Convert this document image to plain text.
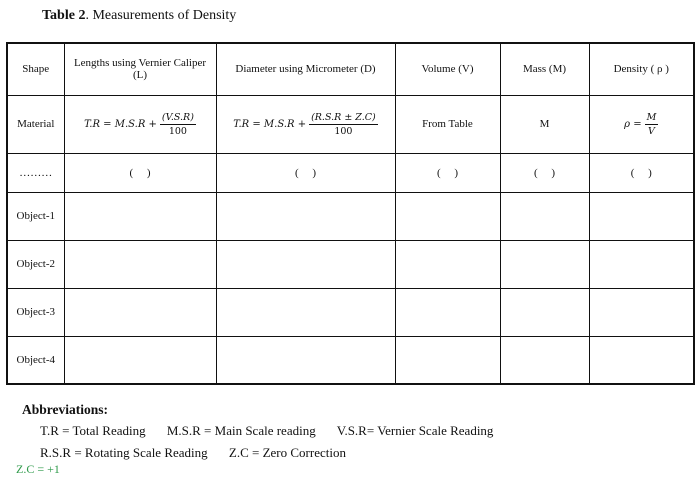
Table 2. Measurements of Density
Shape	Lengths using Vernier Caliper (L)	Diameter using Micrometer (D)	Volume (V)	Mass (M)	Density ( ρ )
Material	$T.R = M.S.R + \frac{(V.S.R)}{100}$	$T.R = M.S.R + \frac{(R.S.R \pm Z.C)}{100}$	From Table	M	$\rho = \frac{M}{V}$

………	(     )	(     )	(     )	(     )	(     )
Object-1					
Object-2					
Object-3					
Object-4					
Abbreviations:
T.R = Total Reading M.S.R = Main Scale reading V.S.R= Vernier Scale Reading
R.S.R = Rotating Scale Reading Z.C = Zero Correction
Z.C = +1
